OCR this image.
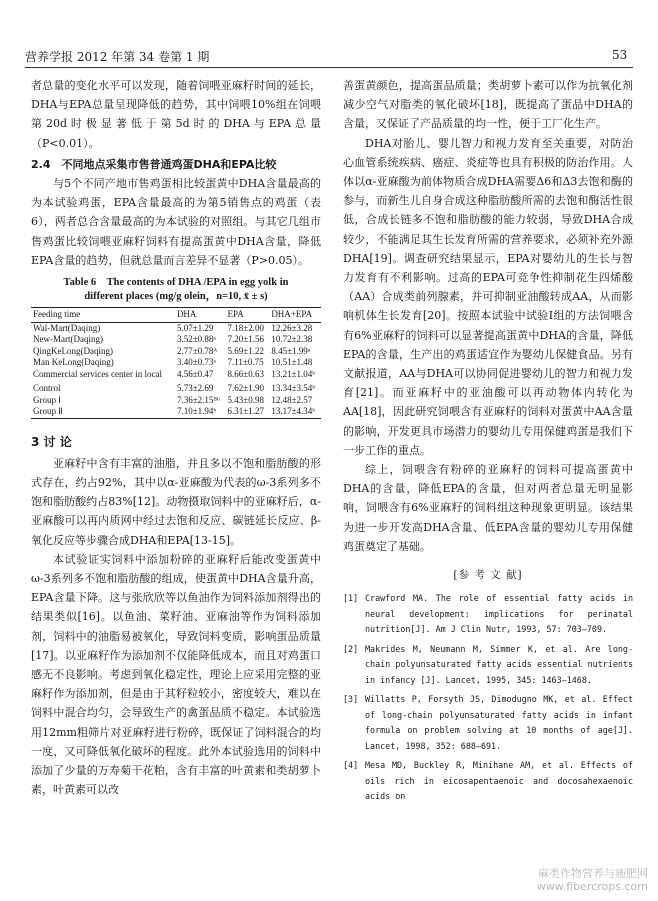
营养学报 2012 年第 34 卷第 1 期	53

者总量的变化水平可以发现，随着饲喂亚麻籽时间的延长，DHA与EPA总量呈现降低的趋势，其中饲喂10%组在饲喂第20d时极显著低于第5d时的DHA与EPA总量（P<0.01）。

2.4　不同地点采集市售普通鸡蛋DHA和EPA比较

与5个不同产地市售鸡蛋相比较蛋黄中DHA含量最高的为本试验鸡蛋，EPA含量最高的为第5销售点的鸡蛋（表6），两者总合含量最高的为本试验的对照组。与其它几组市售鸡蛋比较饲喂亚麻籽饲料有提高蛋黄中DHA含量，降低EPA含量的趋势，但就总量而言差异不显著（P>0.05）。

Table 6　The contents of DHA /EPA in egg yolk in
different places (mg/g olein，n=10, x̄ ± s)
Feeding time	DHA	EPA	DHA+EPA
Wal-Mart(Daqing)	5.07±1.29	7.18±2.00	12.26±3.28
New-Mart(Daqing)	3.52±0.88ᵃ	7.20±1.56	10.72±2.38
QingKeLong(Daqing)	2.77±0.78ᴬ	5.69±1.22	8.45±1.99ᵃ
Man KeLong(Daqing)	3.40±0.73ᵃ	7.11±0.75	10.51±1.48
Commercial services center in local	4.56±0.47	8.66±0.63	13.21±1.04ᵇ
Control	5.73±2.69	7.62±1.90	13.34±3.54ᵇ
Group Ⅰ	7.36±2.15ᴮᵇ	5.43±0.98	12.48±2.57
Group Ⅱ	7.10±1.94ᵇ	6.31±1.27	13.17±4.34ᵇ

3 讨 论

亚麻籽中含有丰富的油脂，并且多以不饱和脂肪酸的形式存在，约占92%，其中以α-亚麻酸为代表的ω-3系列多不饱和脂肪酸约占83%[12]。动物摄取饲料中的亚麻籽后，α-亚麻酸可以再内质网中经过去饱和反应、碳链延长反应、β-氧化反应等步骤合成DHA和EPA[13-15]。

本试验证实饲料中添加粉碎的亚麻籽后能改变蛋黄中ω-3系列多不饱和脂肪酸的组成，使蛋黄中DHA含量升高，EPA含量下降。这与张欣欣等以鱼油作为饲料添加剂得出的结果类似[16]。以鱼油、菜籽油、亚麻油等作为饲料添加剂，饲料中的油脂易被氧化，导致饲料变质，影响蛋品质量[17]。以亚麻籽作为添加剂不仅能降低成本，而且对鸡蛋口感无不良影响。考虑到氧化稳定性，理论上应采用完整的亚麻籽作为添加剂，但是由于其籽粒较小，密度较大，难以在饲料中混合均匀，会导致生产的禽蛋品质不稳定。本试验选用12mm粗筛片对亚麻籽进行粉碎，既保证了饲料混合的均一度，又可降低氧化破坏的程度。此外本试验选用的饲料中添加了少量的万寿菊干花粕，含有丰富的叶黄素和类胡萝卜素，叶黄素可以改

善蛋黄颜色，提高蛋品质量；类胡萝卜素可以作为抗氧化剂减少空气对脂类的氧化破坏[18]，既提高了蛋品中DHA的含量，又保证了产品质量的均一性，便于工厂化生产。

DHA对胎儿、婴儿智力和视力发育至关重要，对防治心血管系统疾病、癌症、炎症等也具有积极的防治作用。人体以α-亚麻酸为前体物质合成DHA需要Δ6和Δ3去饱和酶的参与，而新生儿自身合成这种脂肪酸所需的去饱和酶活性很低，合成长链多不饱和脂肪酸的能力较弱，导致DHA合成较少，不能满足其生长发育所需的营养要求，必须补充外源DHA[19]。调查研究结果显示，EPA对婴幼儿的生长与智力发育有不利影响。过高的EPA可竞争性抑制花生四烯酸（AA）合成类前列腺素，并可抑制亚油酸转成AA，从而影响机体生长发育[20]。按照本试验中试验Ⅰ组的方法饲喂含有6%亚麻籽的饲料可以显著提高蛋黄中DHA的含量，降低EPA的含量，生产出的鸡蛋适宜作为婴幼儿保健食品。另有文献报道，AA与DHA可以协同促进婴幼儿的智力和视力发育[21]。而亚麻籽中的亚油酸可以再动物体内转化为AA[18]，因此研究饲喂含有亚麻籽的饲料对蛋黄中AA含量的影响，开发更具市场潜力的婴幼儿专用保健鸡蛋是我们下一步工作的重点。

综上，饲喂含有粉碎的亚麻籽的饲料可提高蛋黄中DHA的含量，降低EPA的含量，但对两者总量无明显影响，饲喂含有6%亚麻籽的饲料组这种现象更明显。该结果为进一步开发高DHA含量、低EPA含量的婴幼儿专用保健鸡蛋奠定了基础。

[参 考 文 献]
[1] Crawford MA. The role of essential fatty acids in neural development: implications for perinatal nutrition[J]. Am J Clin Nutr, 1993, 57: 703–709.
[2] Makrides M, Neumann M, Simmer K, et al. Are long-chain polyunsaturated fatty acids essential nutrients in infancy [J]. Lancet, 1995, 345: 1463–1468.
[3] Willatts P, Forsyth JS, Dimodugno MK, et al. Effect of long-chain polyunsaturated fatty acids in infant formula on problem solving at 10 months of age[J]. Lancet, 1998, 352: 688–691.
[4] Mesa MD, Buckley R, Minihane AM, et al. Effects of oils rich in eicosapentaenoic and docosahexaenoic acids on
麻类作物营养与施肥网
www.fibercrops.com
